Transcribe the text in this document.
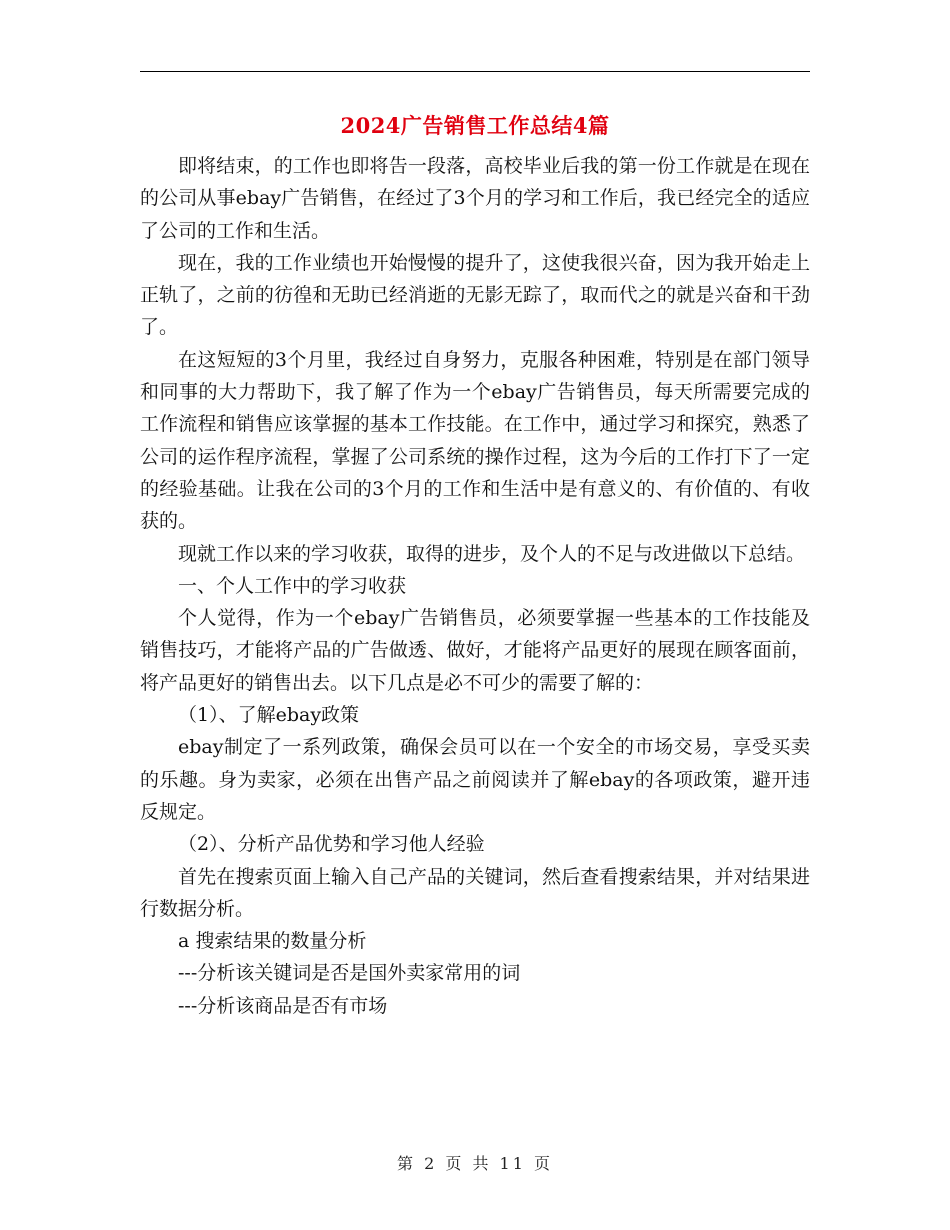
2024广告销售工作总结4篇

即将结束，的工作也即将告一段落，高校毕业后我的第一份工作就是在现在的公司从事ebay广告销售，在经过了3个月的学习和工作后，我已经完全的适应了公司的工作和生活。

现在，我的工作业绩也开始慢慢的提升了，这使我很兴奋，因为我开始走上正轨了，之前的彷徨和无助已经消逝的无影无踪了，取而代之的就是兴奋和干劲了。

在这短短的3个月里，我经过自身努力，克服各种困难，特别是在部门领导和同事的大力帮助下，我了解了作为一个ebay广告销售员，每天所需要完成的工作流程和销售应该掌握的基本工作技能。在工作中，通过学习和探究，熟悉了公司的运作程序流程，掌握了公司系统的操作过程，这为今后的工作打下了一定的经验基础。让我在公司的3个月的工作和生活中是有意义的、有价值的、有收获的。

现就工作以来的学习收获，取得的进步，及个人的不足与改进做以下总结。

一、个人工作中的学习收获

个人觉得，作为一个ebay广告销售员，必须要掌握一些基本的工作技能及销售技巧，才能将产品的广告做透、做好，才能将产品更好的展现在顾客面前，将产品更好的销售出去。以下几点是必不可少的需要了解的：

（1）、了解ebay政策

ebay制定了一系列政策，确保会员可以在一个安全的市场交易，享受买卖的乐趣。身为卖家，必须在出售产品之前阅读并了解ebay的各项政策，避开违反规定。

（2）、分析产品优势和学习他人经验

首先在搜索页面上输入自己产品的关键词，然后查看搜索结果，并对结果进行数据分析。

a 搜索结果的数量分析

---分析该关键词是否是国外卖家常用的词

---分析该商品是否有市场

第 2 页 共 11 页
